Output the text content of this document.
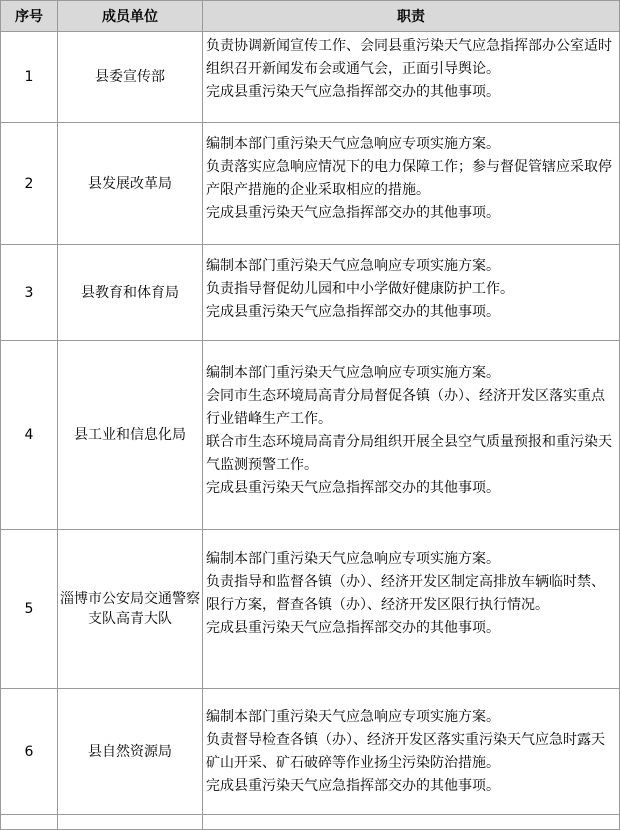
序号	成员单位	职责
1	县委宣传部	负责协调新闻宣传工作、会同县重污染天气应急指挥部办公室适时组织召开新闻发布会或通气会，正面引导舆论。
完成县重污染天气应急指挥部交办的其他事项。

2	县发展改革局	编制本部门重污染天气应急响应专项实施方案。
负责落实应急响应情况下的电力保障工作；参与督促管辖应采取停产限产措施的企业采取相应的措施。
完成县重污染天气应急指挥部交办的其他事项。

3	县教育和体育局	编制本部门重污染天气应急响应专项实施方案。
负责指导督促幼儿园和中小学做好健康防护工作。
完成县重污染天气应急指挥部交办的其他事项。

4	县工业和信息化局	编制本部门重污染天气应急响应专项实施方案。
会同市生态环境局高青分局督促各镇（办）、经济开发区落实重点行业错峰生产工作。
联合市生态环境局高青分局组织开展全县空气质量预报和重污染天气监测预警工作。
完成县重污染天气应急指挥部交办的其他事项。

5	淄博市公安局交通警察支队高青大队	编制本部门重污染天气应急响应专项实施方案。
负责指导和监督各镇（办）、经济开发区制定高排放车辆临时禁、限行方案，督查各镇（办）、经济开发区限行执行情况。
完成县重污染天气应急指挥部交办的其他事项。

6	县自然资源局	编制本部门重污染天气应急响应专项实施方案。
负责督导检查各镇（办）、经济开发区落实重污染天气应急时露天矿山开采、矿石破碎等作业扬尘污染防治措施。
完成县重污染天气应急指挥部交办的其他事项。
